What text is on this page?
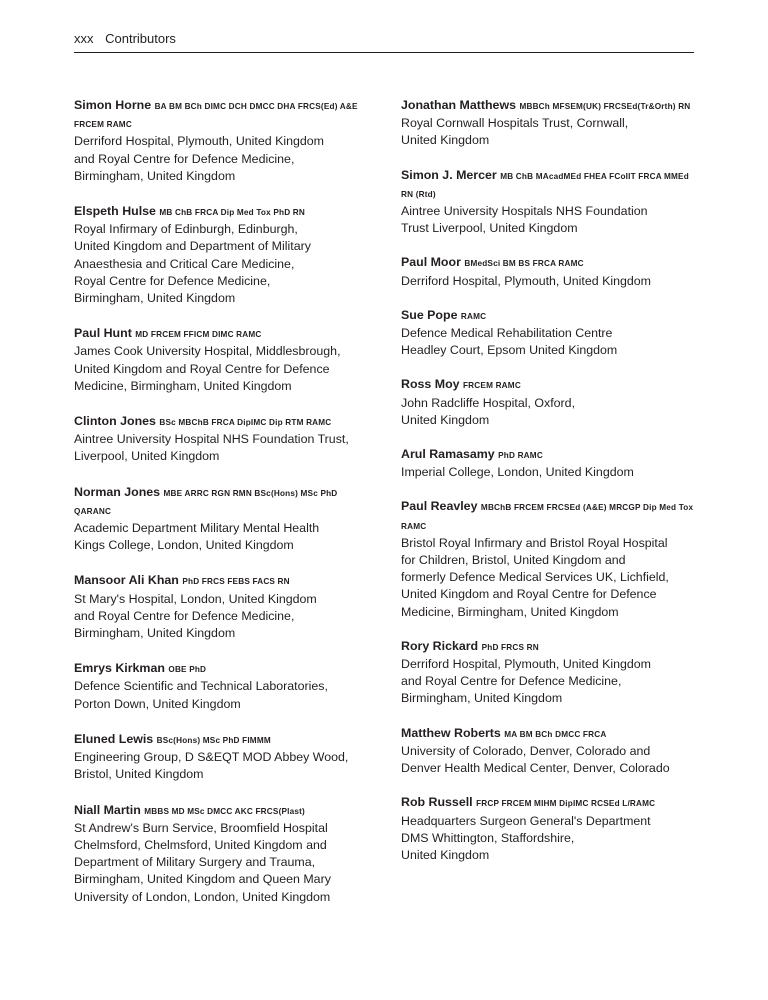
xxx Contributors
Simon Horne BA BM BCh DIMC DCH DMCC DHA FRCS(Ed) A&E FRCEM RAMC
Derriford Hospital, Plymouth, United Kingdom
and Royal Centre for Defence Medicine,
Birmingham, United Kingdom
Elspeth Hulse MB ChB FRCA Dip Med Tox PhD RN
Royal Infirmary of Edinburgh, Edinburgh,
United Kingdom and Department of Military
Anaesthesia and Critical Care Medicine,
Royal Centre for Defence Medicine,
Birmingham, United Kingdom
Paul Hunt MD FRCEM FFICM DIMC RAMC
James Cook University Hospital, Middlesbrough,
United Kingdom and Royal Centre for Defence
Medicine, Birmingham, United Kingdom
Clinton Jones BSc MBChB FRCA DipIMC Dip RTM RAMC
Aintree University Hospital NHS Foundation Trust,
Liverpool, United Kingdom
Norman Jones MBE ARRC RGN RMN BSc(Hons) MSc PhD QARANC
Academic Department Military Mental Health
Kings College, London, United Kingdom
Mansoor Ali Khan PhD FRCS FEBS FACS RN
St Mary's Hospital, London, United Kingdom
and Royal Centre for Defence Medicine,
Birmingham, United Kingdom
Emrys Kirkman OBE PhD
Defence Scientific and Technical Laboratories,
Porton Down, United Kingdom
Eluned Lewis BSc(Hons) MSc PhD FIMMM
Engineering Group, D S&EQT MOD Abbey Wood,
Bristol, United Kingdom
Niall Martin MBBS MD MSc DMCC AKC FRCS(Plast)
St Andrew's Burn Service, Broomfield Hospital
Chelmsford, Chelmsford, United Kingdom and
Department of Military Surgery and Trauma,
Birmingham, United Kingdom and Queen Mary
University of London, London, United Kingdom
Jonathan Matthews MBBCh MFSEM(UK) FRCSEd(Tr&Orth) RN
Royal Cornwall Hospitals Trust, Cornwall,
United Kingdom
Simon J. Mercer MB ChB MAcadMEd FHEA FCoIIT FRCA MMEd RN (Rtd)
Aintree University Hospitals NHS Foundation
Trust Liverpool, United Kingdom
Paul Moor BMedSci BM BS FRCA RAMC
Derriford Hospital, Plymouth, United Kingdom
Sue Pope RAMC
Defence Medical Rehabilitation Centre
Headley Court, Epsom United Kingdom
Ross Moy FRCEM RAMC
John Radcliffe Hospital, Oxford,
United Kingdom
Arul Ramasamy PhD RAMC
Imperial College, London, United Kingdom
Paul Reavley MBChB FRCEM FRCSEd (A&E) MRCGP Dip Med Tox RAMC
Bristol Royal Infirmary and Bristol Royal Hospital
for Children, Bristol, United Kingdom and
formerly Defence Medical Services UK, Lichfield,
United Kingdom and Royal Centre for Defence
Medicine, Birmingham, United Kingdom
Rory Rickard PhD FRCS RN
Derriford Hospital, Plymouth, United Kingdom
and Royal Centre for Defence Medicine,
Birmingham, United Kingdom
Matthew Roberts MA BM BCh DMCC FRCA
University of Colorado, Denver, Colorado and
Denver Health Medical Center, Denver, Colorado
Rob Russell FRCP FRCEM MIHM DipIMC RCSEd L/RAMC
Headquarters Surgeon General's Department
DMS Whittington, Staffordshire,
United Kingdom
